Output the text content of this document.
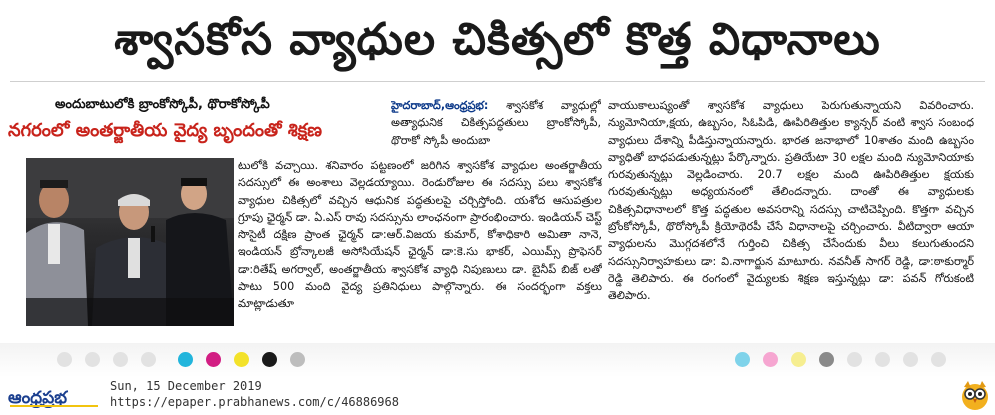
శ్వాసకోస వ్యాధుల చికిత్సలో కొత్త విధానాలు
అందుబాటులోకి బ్రాంకోస్కోపీ, థొరాకోస్కోపీ
నగరంలో అంతర్జాతీయ వైద్య బృందంతో శిక్షణ

హైదరాబాద్,ఆంధ్రప్రభ: శ్వాసకోశ వ్యాధుల్లో అత్యాధునిక చికిత్సపద్ధతులు బ్రాంకోస్కోపీ, థొరాకో స్కోపీ అందుబా

టులోకి వచ్చాయి. శనివారం పట్టణంలో జరిగిన శ్వాసకోశ వ్యాధుల అంతర్జాతీయ సదస్సులో ఈ అంశాలు వెల్లడయ్యాయి. రెండురోజుల ఈ సదస్సు పలు శ్వాసకోశ వ్యాధుల చికిత్సలో వచ్చిన ఆధునిక పద్ధతులపై చర్చిస్తోంది. యశోద ఆసుపత్రుల గ్రూపు ఛైర్మన్ డా. ఏ.ఎస్ రావు సదస్సును లాంఛనంగా ప్రారంభించారు. ఇండియన్ చెస్ట్ సొసైటీ దక్షిణ ప్రాంత ఛైర్మన్ డా:ఆర్.విజయ కుమార్, కోశాధికారి అమితా నానె, ఇండియన్ బ్రోన్కాలజీ అసోసియేషన్ ఛైర్మన్ డా:కె.సు భాకర్, ఎయిమ్స్ ప్రొఫెసర్ డా:రితేష్ అగర్వాల్, అంతర్జాతీయ శ్వాసకోశ వ్యాధి నిపుణులు డా. బైనీప్ బిజ్ లతో పాటు 500 మంది వైద్య ప్రతినిధులు పాల్గొన్నారు. ఈ సందర్భంగా వక్తలు మాట్లాడుతూ

వాయుకాలుష్యంతో శ్వాసకోశ వ్యాధులు పెరుగుతున్నాయని వివరించారు. న్యుమోనియా,క్షయ, ఉబ్బసం, సిఓపిడి, ఊపిరితిత్తుల క్యాన్సర్ వంటి శ్వాస సంబంధ వ్యాధులు దేశాన్ని పీడిస్తున్నాయన్నారు. భారత జనాభాలో 10శాతం మంది ఉబ్బసం వ్యాధితో బాధపడుతున్నట్లు పేర్కొన్నారు. ప్రతియేటా 30 లక్షల మంది న్యుమోనియాకు గురవుతున్నట్లు వెల్లడించారు. 20.7 లక్షల మంది ఊపిరితిత్తుల క్షయకు గురవుతున్నట్లు అధ్యయనంలో తేలిందన్నారు. దాంతో ఈ వ్యాధులకు చికిత్సవిధానాలలో కొత్త పద్ధతుల అవసరాన్ని సదస్సు చాటిచెప్పింది. కొత్తగా వచ్చిన బ్రోంకోస్కోపీ, థొరోస్కోపీ క్రియోథెరపీ చేసే విధానాలపై చర్చించారు. వీటిద్వారా ఆయా వ్యాధులను మొగ్గదశలోనే గుర్తించి చికిత్స చేసేందుకు వీలు కలుగుతుందని సదస్సునిర్వాహకులు డా: వి.నాగార్జున మాటూరు. నవనీత్ సాగర్ రెడ్డి, డా:ఠాకుర్మార్ రెడ్డి తెలిపారు. ఈ రంగంలో వైద్యులకు శిక్షణ ఇస్తున్నట్లు డా: పవన్ గోరుకంటి తెలిపారు.

ఆంధ్రప్రభ
Sun, 15 December 2019
https://epaper.prabhanews.com/c/46886968
